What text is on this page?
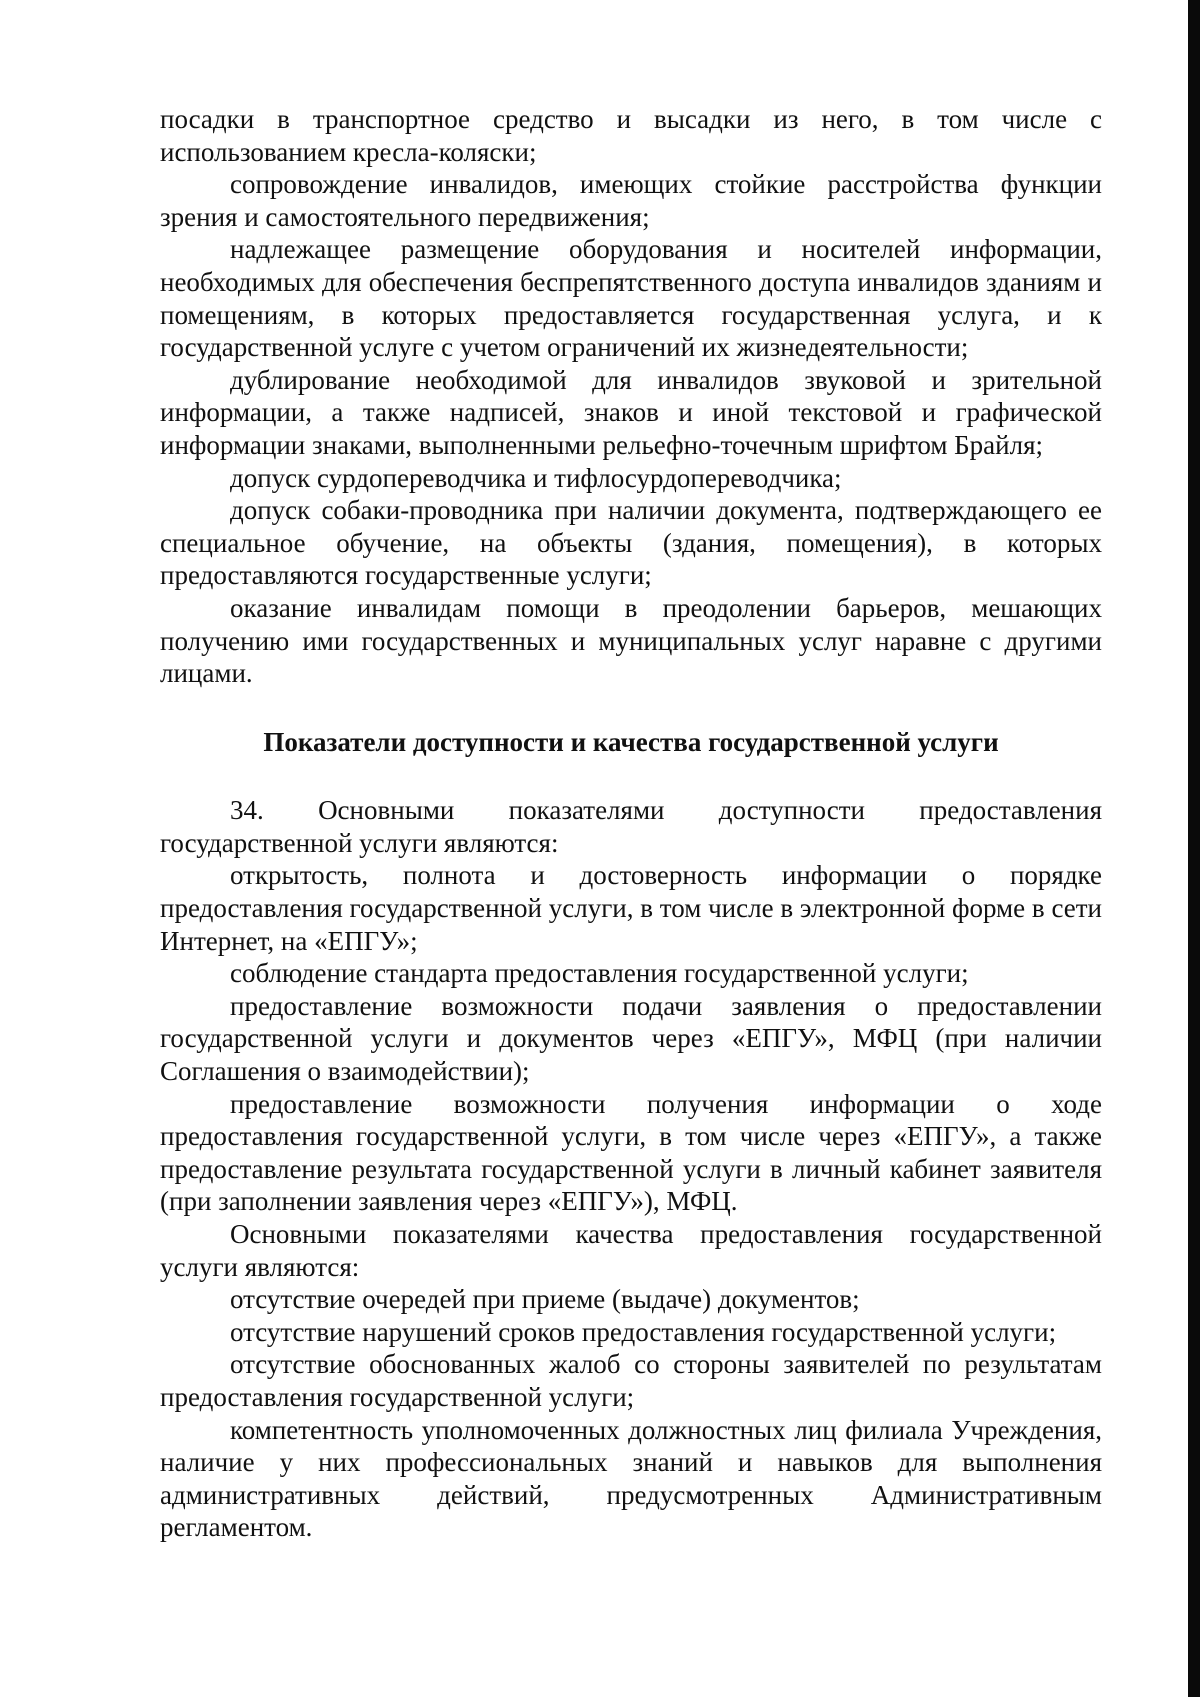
посадки в транспортное средство и высадки из него, в том числе с использованием кресла-коляски;

сопровождение инвалидов, имеющих стойкие расстройства функции зрения и самостоятельного передвижения;

надлежащее размещение оборудования и носителей информации, необходимых для обеспечения беспрепятственного доступа инвалидов зданиям и помещениям, в которых предоставляется государственная услуга, и к государственной услуге с учетом ограничений их жизнедеятельности;

дублирование необходимой для инвалидов звуковой и зрительной информации, а также надписей, знаков и иной текстовой и графической информации знаками, выполненными рельефно-точечным шрифтом Брайля;

допуск сурдопереводчика и тифлосурдопереводчика;

допуск собаки-проводника при наличии документа, подтверждающего ее специальное обучение, на объекты (здания, помещения), в которых предоставляются государственные услуги;

оказание инвалидам помощи в преодолении барьеров, мешающих получению ими государственных и муниципальных услуг наравне с другими лицами.

Показатели доступности и качества государственной услуги

34. Основными показателями доступности предоставления государственной услуги являются:

открытость, полнота и достоверность информации о порядке предоставления государственной услуги, в том числе в электронной форме в сети Интернет, на «ЕПГУ»;

соблюдение стандарта предоставления государственной услуги;

предоставление возможности подачи заявления о предоставлении государственной услуги и документов через «ЕПГУ», МФЦ (при наличии Соглашения о взаимодействии);

предоставление возможности получения информации о ходе предоставления государственной услуги, в том числе через «ЕПГУ», а также предоставление результата государственной услуги в личный кабинет заявителя (при заполнении заявления через «ЕПГУ»), МФЦ.

Основными показателями качества предоставления государственной услуги являются:

отсутствие очередей при приеме (выдаче) документов;

отсутствие нарушений сроков предоставления государственной услуги;

отсутствие обоснованных жалоб со стороны заявителей по результатам предоставления государственной услуги;

компетентность уполномоченных должностных лиц филиала Учреждения, наличие у них профессиональных знаний и навыков для выполнения административных действий, предусмотренных Административным регламентом.
